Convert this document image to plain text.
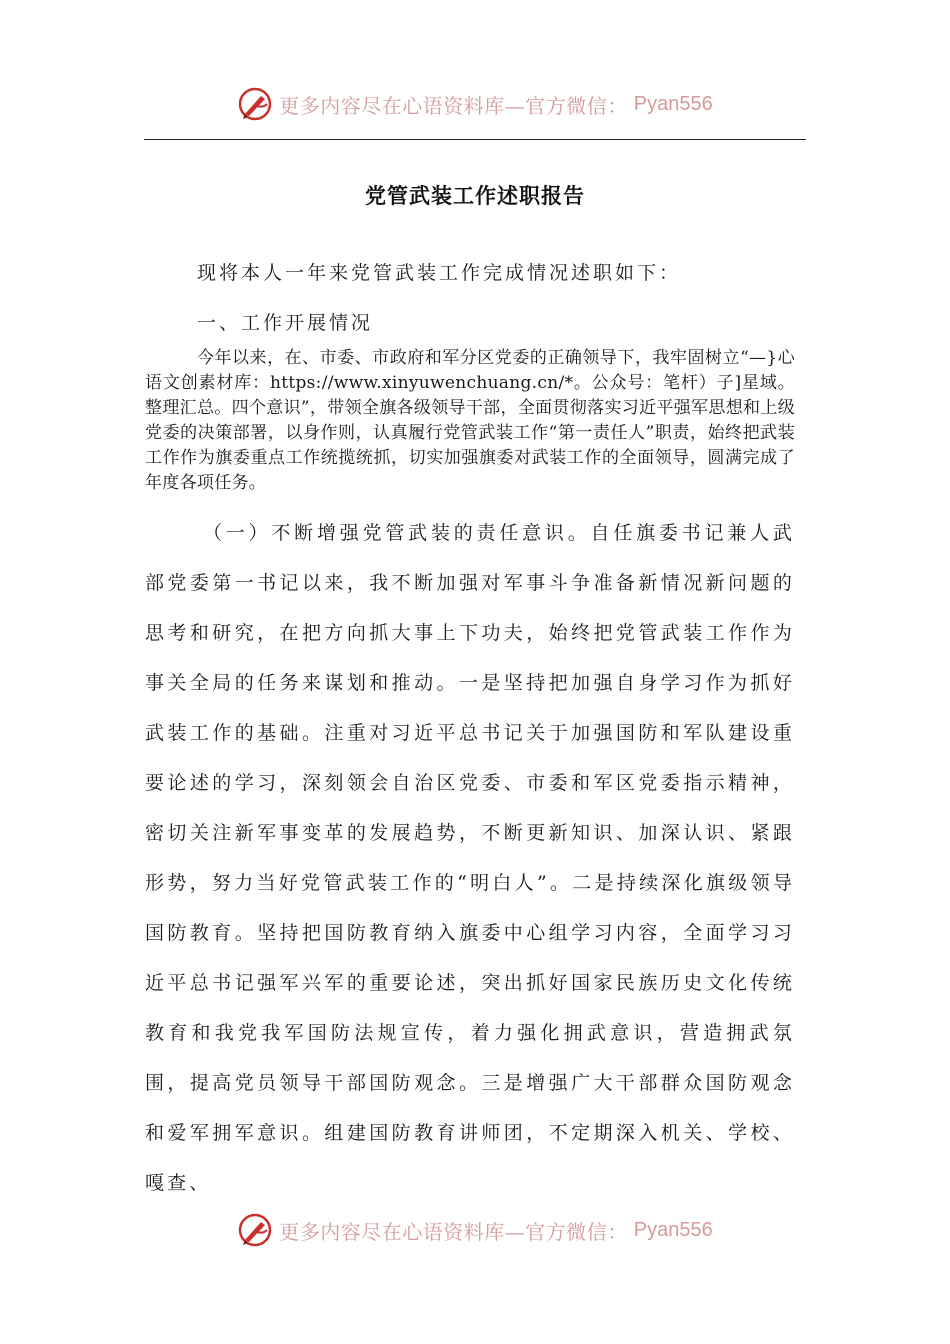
更多内容尽在心语资料库—官方微信： Pyan556
党管武装工作述职报告
现将本人一年来党管武装工作完成情况述职如下：
一、工作开展情况
今年以来，在、市委、市政府和军分区党委的正确领导下，我牢固树立“—}心语文创素材库：https://www.xinyuwenchuang.cn/*。公众号：笔杆）子]星域。整理汇总。四个意识”，带领全旗各级领导干部，全面贯彻落实习近平强军思想和上级党委的决策部署，以身作则，认真履行党管武装工作“第一责任人”职责，始终把武装工作作为旗委重点工作统揽统抓，切实加强旗委对武装工作的全面领导，圆满完成了年度各项任务。
（一）不断增强党管武装的责任意识。自任旗委书记兼人武部党委第一书记以来，我不断加强对军事斗争准备新情况新问题的思考和研究，在把方向抓大事上下功夫，始终把党管武装工作作为事关全局的任务来谋划和推动。一是坚持把加强自身学习作为抓好武装工作的基础。注重对习近平总书记关于加强国防和军队建设重要论述的学习，深刻领会自治区党委、市委和军区党委指示精神，密切关注新军事变革的发展趋势，不断更新知识、加深认识、紧跟形势，努力当好党管武装工作的“明白人”。二是持续深化旗级领导国防教育。坚持把国防教育纳入旗委中心组学习内容，全面学习习近平总书记强军兴军的重要论述，突出抓好国家民族历史文化传统教育和我党我军国防法规宣传，着力强化拥武意识，营造拥武氛围，提高党员领导干部国防观念。三是增强广大干部群众国防观念和爱军拥军意识。组建国防教育讲师团，不定期深入机关、学校、嘎查、
更多内容尽在心语资料库—官方微信： Pyan556
